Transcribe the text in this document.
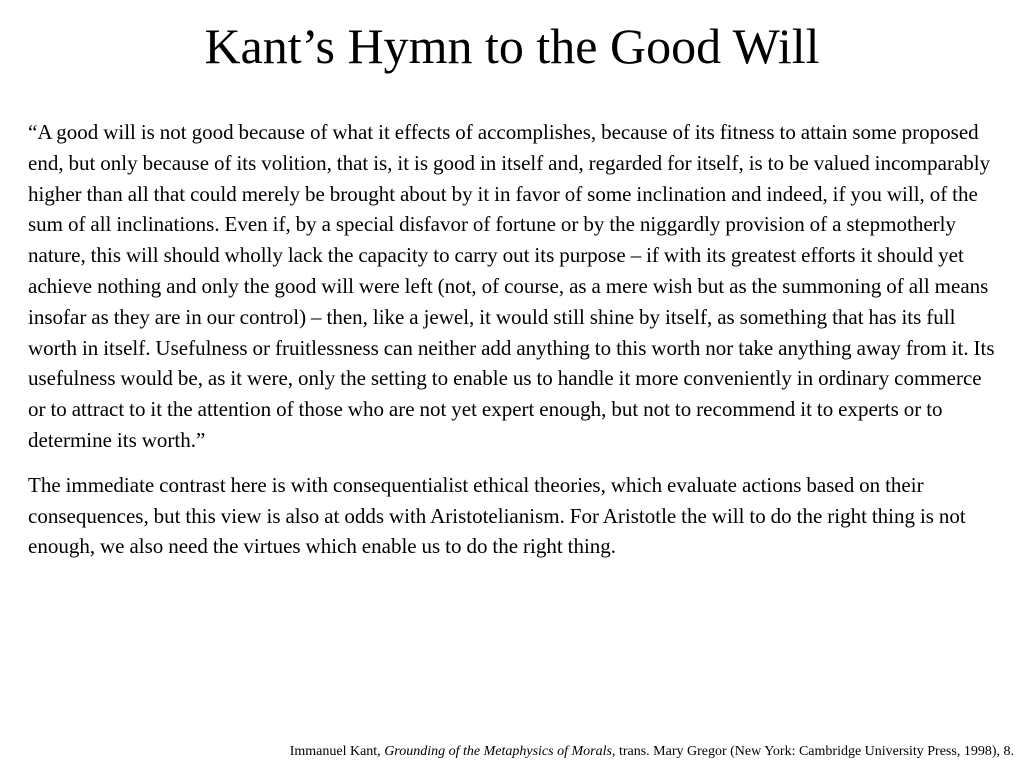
Kant’s Hymn to the Good Will

“A good will is not good because of what it effects of accomplishes, because of its fitness to attain some proposed end, but only because of its volition, that is, it is good in itself and, regarded for itself, is to be valued incomparably higher than all that could merely be brought about by it in favor of some inclination and indeed, if you will, of the sum of all inclinations. Even if, by a special disfavor of fortune or by the niggardly provision of a stepmotherly nature, this will should wholly lack the capacity to carry out its purpose – if with its greatest efforts it should yet achieve nothing and only the good will were left (not, of course, as a mere wish but as the summoning of all means insofar as they are in our control) – then, like a jewel, it would still shine by itself, as something that has its full worth in itself. Usefulness or fruitlessness can neither add anything to this worth nor take anything away from it. Its usefulness would be, as it were, only the setting to enable us to handle it more conveniently in ordinary commerce or to attract to it the attention of those who are not yet expert enough, but not to recommend it to experts or to determine its worth.”

The immediate contrast here is with consequentialist ethical theories, which evaluate actions based on their consequences, but this view is also at odds with Aristotelianism. For Aristotle the will to do the right thing is not enough, we also need the virtues which enable us to do the right thing.

Immanuel Kant, Grounding of the Metaphysics of Morals, trans. Mary Gregor (New York: Cambridge University Press, 1998), 8.
